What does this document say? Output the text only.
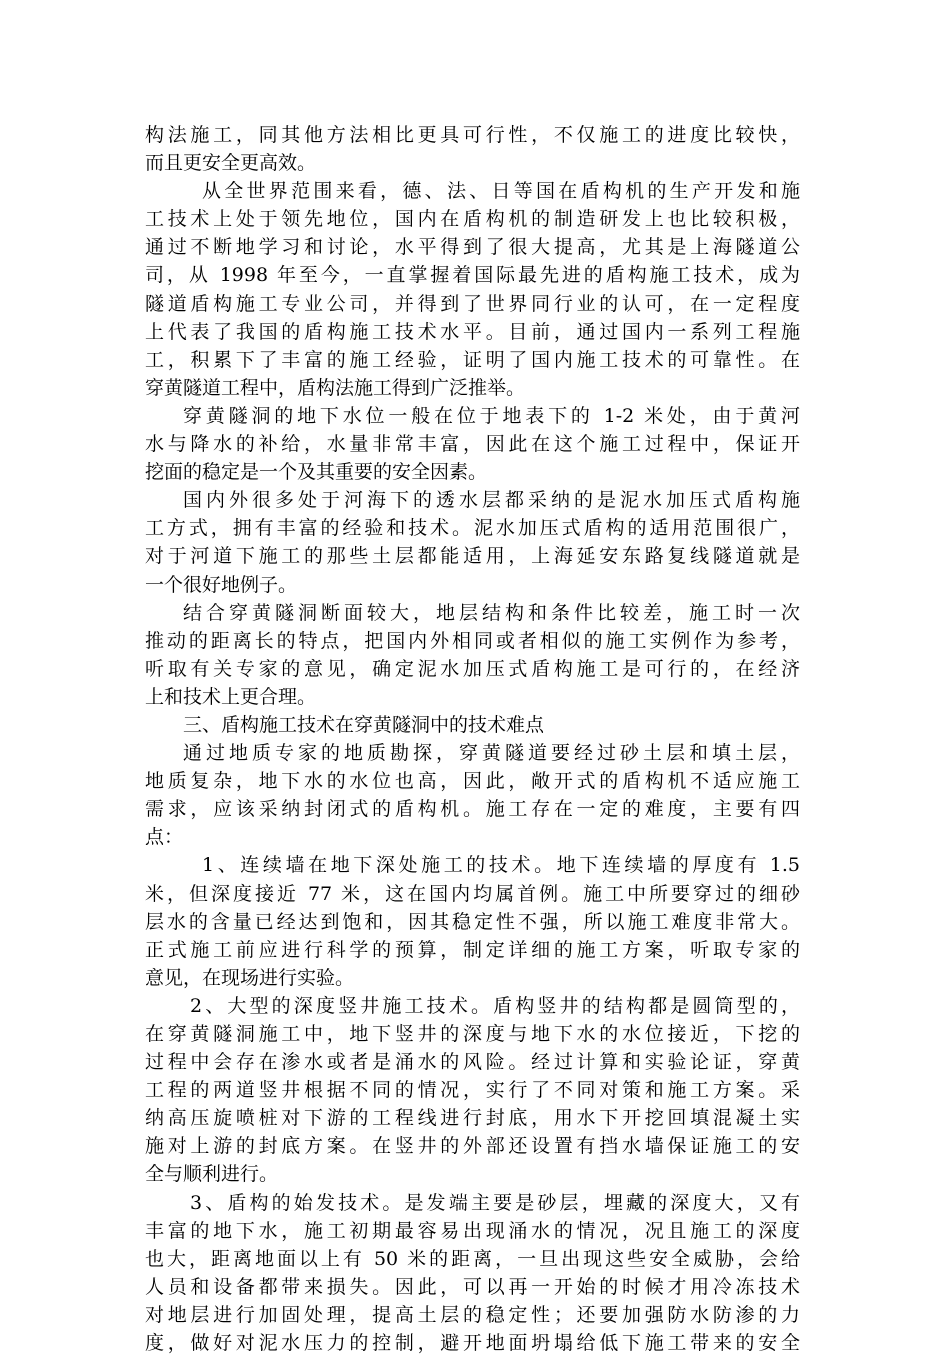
构法施工，同其他方法相比更具可行性，不仅施工的进度比较快，
而且更安全更高效。
从全世界范围来看，德、法、日等国在盾构机的生产开发和施
工技术上处于领先地位，国内在盾构机的制造研发上也比较积极，
通过不断地学习和讨论，水平得到了很大提高，尤其是上海隧道公
司，从 1998 年至今，一直掌握着国际最先进的盾构施工技术，成为
隧道盾构施工专业公司，并得到了世界同行业的认可，在一定程度
上代表了我国的盾构施工技术水平。目前，通过国内一系列工程施
工，积累下了丰富的施工经验，证明了国内施工技术的可靠性。在
穿黄隧道工程中，盾构法施工得到广泛推举。
穿黄隧洞的地下水位一般在位于地表下的 1-2 米处，由于黄河
水与降水的补给，水量非常丰富，因此在这个施工过程中，保证开
挖面的稳定是一个及其重要的安全因素。
国内外很多处于河海下的透水层都采纳的是泥水加压式盾构施
工方式，拥有丰富的经验和技术。泥水加压式盾构的适用范围很广，
对于河道下施工的那些土层都能适用，上海延安东路复线隧道就是
一个很好地例子。
结合穿黄隧洞断面较大，地层结构和条件比较差，施工时一次
推动的距离长的特点，把国内外相同或者相似的施工实例作为参考，
听取有关专家的意见，确定泥水加压式盾构施工是可行的，在经济
上和技术上更合理。
三、盾构施工技术在穿黄隧洞中的技术难点
通过地质专家的地质勘探，穿黄隧道要经过砂土层和填土层，
地质复杂，地下水的水位也高，因此，敞开式的盾构机不适应施工
需求，应该采纳封闭式的盾构机。施工存在一定的难度，主要有四
点：
1、连续墙在地下深处施工的技术。地下连续墙的厚度有 1.5
米，但深度接近 77 米，这在国内均属首例。施工中所要穿过的细砂
层水的含量已经达到饱和，因其稳定性不强，所以施工难度非常大。
正式施工前应进行科学的预算，制定详细的施工方案，听取专家的
意见，在现场进行实验。
2、大型的深度竖井施工技术。盾构竖井的结构都是圆筒型的，
在穿黄隧洞施工中，地下竖井的深度与地下水的水位接近，下挖的
过程中会存在渗水或者是涌水的风险。经过计算和实验论证，穿黄
工程的两道竖井根据不同的情况，实行了不同对策和施工方案。采
纳高压旋喷桩对下游的工程线进行封底，用水下开挖回填混凝土实
施对上游的封底方案。在竖井的外部还设置有挡水墙保证施工的安
全与顺利进行。
3、盾构的始发技术。是发端主要是砂层，埋藏的深度大，又有
丰富的地下水，施工初期最容易出现涌水的情况，况且施工的深度
也大，距离地面以上有 50 米的距离，一旦出现这些安全威胁，会给
人员和设备都带来损失。因此，可以再一开始的时候才用冷冻技术
对地层进行加固处理，提高土层的稳定性；还要加强防水防渗的力
度，做好对泥水压力的控制，避开地面坍塌给低下施工带来的安全
